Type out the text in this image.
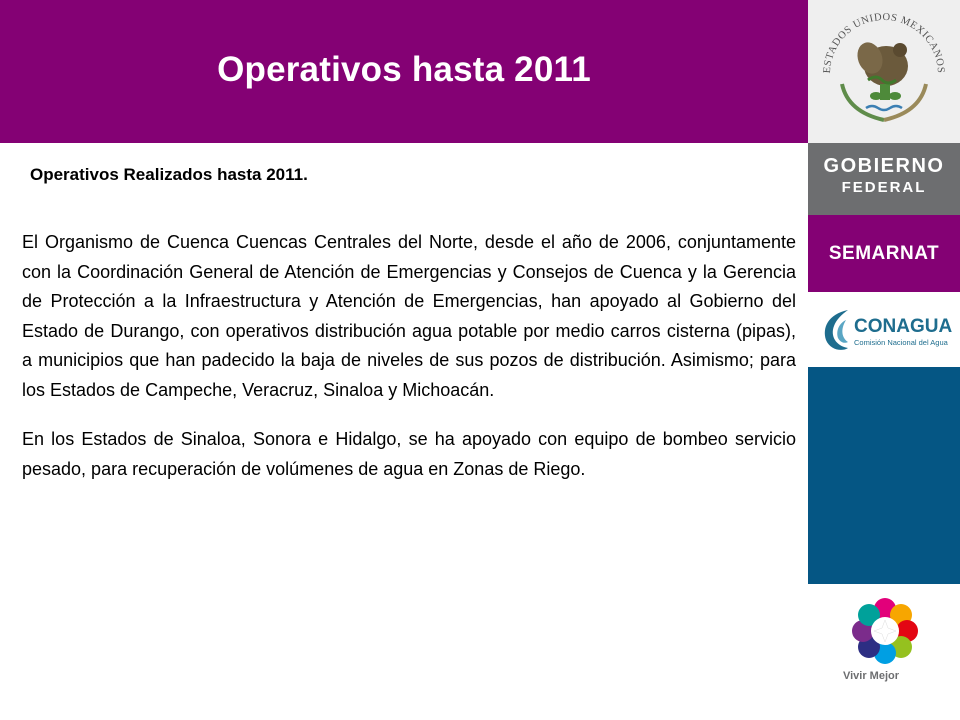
Operativos hasta 2011
Operativos Realizados hasta 2011.

El Organismo de Cuenca Cuencas Centrales del Norte, desde el año de 2006, conjuntamente con la Coordinación General de Atención de Emergencias y Consejos de Cuenca y la Gerencia de Protección a la Infraestructura y Atención de Emergencias, han apoyado al Gobierno del Estado de Durango, con operativos distribución agua potable por medio carros cisterna (pipas), a municipios que han padecido la baja de niveles de sus pozos de distribución. Asimismo; para los Estados de Campeche, Veracruz, Sinaloa y Michoacán.

En los Estados de Sinaloa, Sonora e Hidalgo, se ha apoyado con equipo de bombeo servicio pesado, para recuperación de volúmenes de agua en Zonas de Riego.

ESTADOS UNIDOS MEXICANOS
GOBIERNO
FEDERAL
SEMARNAT
CONAGUA
Comisión Nacional del Agua
Vivir Mejor
